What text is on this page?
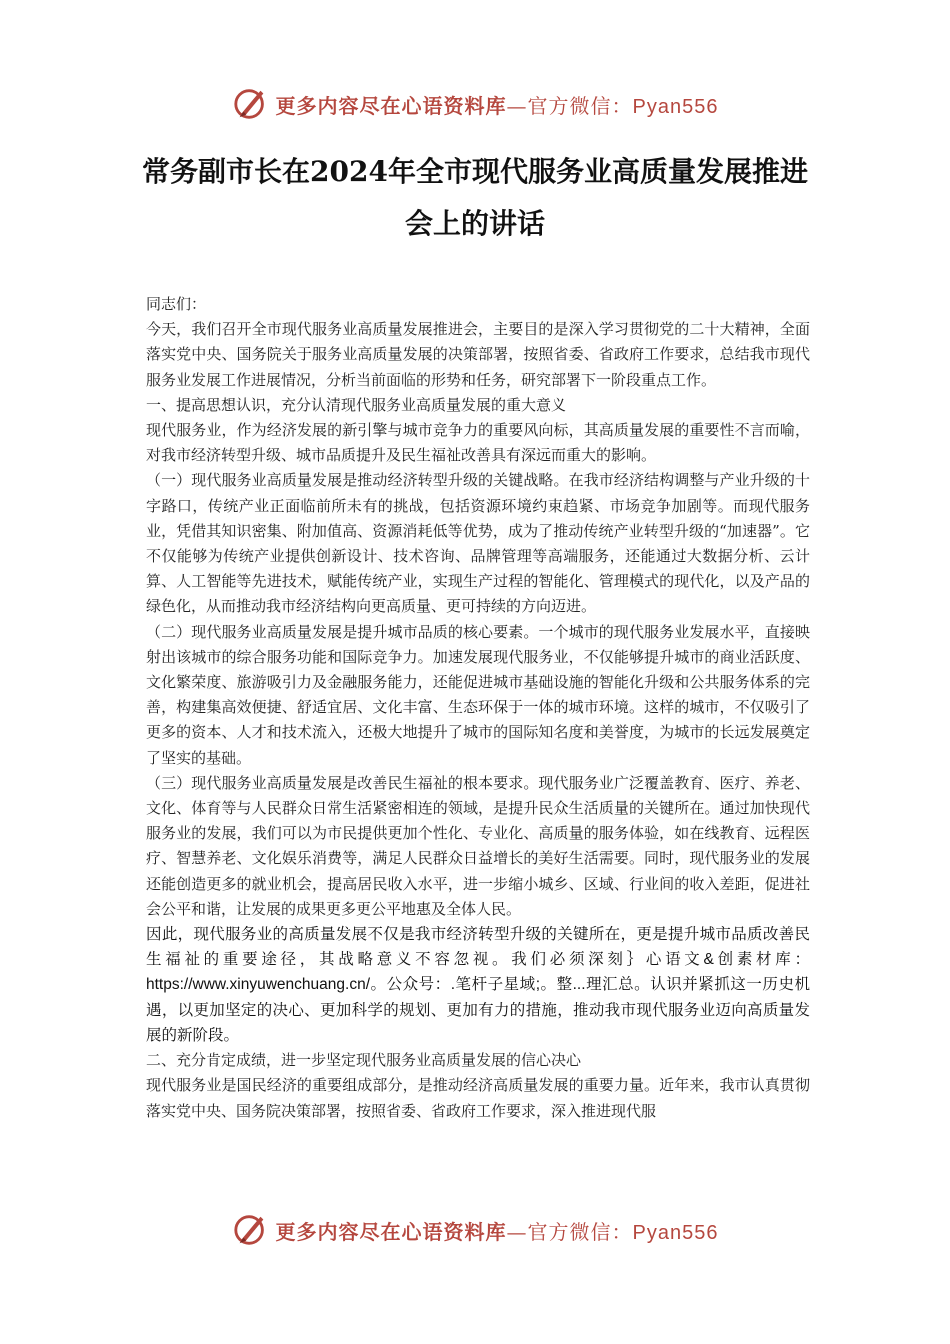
更多内容尽在心语资料库—官方微信：Pyan556
常务副市长在2024年全市现代服务业高质量发展推进会上的讲话

同志们：

今天，我们召开全市现代服务业高质量发展推进会，主要目的是深入学习贯彻党的二十大精神，全面落实党中央、国务院关于服务业高质量发展的决策部署，按照省委、省政府工作要求，总结我市现代服务业发展工作进展情况，分析当前面临的形势和任务，研究部署下一阶段重点工作。

一、提高思想认识，充分认清现代服务业高质量发展的重大意义

现代服务业，作为经济发展的新引擎与城市竞争力的重要风向标，其高质量发展的重要性不言而喻，对我市经济转型升级、城市品质提升及民生福祉改善具有深远而重大的影响。

（一）现代服务业高质量发展是推动经济转型升级的关键战略。在我市经济结构调整与产业升级的十字路口，传统产业正面临前所未有的挑战，包括资源环境约束趋紧、市场竞争加剧等。而现代服务业，凭借其知识密集、附加值高、资源消耗低等优势，成为了推动传统产业转型升级的“加速器”。它不仅能够为传统产业提供创新设计、技术咨询、品牌管理等高端服务，还能通过大数据分析、云计算、人工智能等先进技术，赋能传统产业，实现生产过程的智能化、管理模式的现代化，以及产品的绿色化，从而推动我市经济结构向更高质量、更可持续的方向迈进。

（二）现代服务业高质量发展是提升城市品质的核心要素。一个城市的现代服务业发展水平，直接映射出该城市的综合服务功能和国际竞争力。加速发展现代服务业，不仅能够提升城市的商业活跃度、文化繁荣度、旅游吸引力及金融服务能力，还能促进城市基础设施的智能化升级和公共服务体系的完善，构建集高效便捷、舒适宜居、文化丰富、生态环保于一体的城市环境。这样的城市，不仅吸引了更多的资本、人才和技术流入，还极大地提升了城市的国际知名度和美誉度，为城市的长远发展奠定了坚实的基础。

（三）现代服务业高质量发展是改善民生福祉的根本要求。现代服务业广泛覆盖教育、医疗、养老、文化、体育等与人民群众日常生活紧密相连的领域，是提升民众生活质量的关键所在。通过加快现代服务业的发展，我们可以为市民提供更加个性化、专业化、高质量的服务体验，如在线教育、远程医疗、智慧养老、文化娱乐消费等，满足人民群众日益增长的美好生活需要。同时，现代服务业的发展还能创造更多的就业机会，提高居民收入水平，进一步缩小城乡、区域、行业间的收入差距，促进社会公平和谐，让发展的成果更多更公平地惠及全体人民。

因此，现代服务业的高质量发展不仅是我市经济转型升级的关键所在，更是提升城市品质改善民生福祉的重要途径，其战略意义不容忽视。我们必须深刻｝心语文&创素材库：https://www.xinyuwenchuang.cn/。公众号：.笔杆子星域;。整...理汇总。认识并紧抓这一历史机遇，以更加坚定的决心、更加科学的规划、更加有力的措施，推动我市现代服务业迈向高质量发展的新阶段。

二、充分肯定成绩，进一步坚定现代服务业高质量发展的信心决心

现代服务业是国民经济的重要组成部分，是推动经济高质量发展的重要力量。近年来，我市认真贯彻落实党中央、国务院决策部署，按照省委、省政府工作要求，深入推进现代服

更多内容尽在心语资料库—官方微信：Pyan556
